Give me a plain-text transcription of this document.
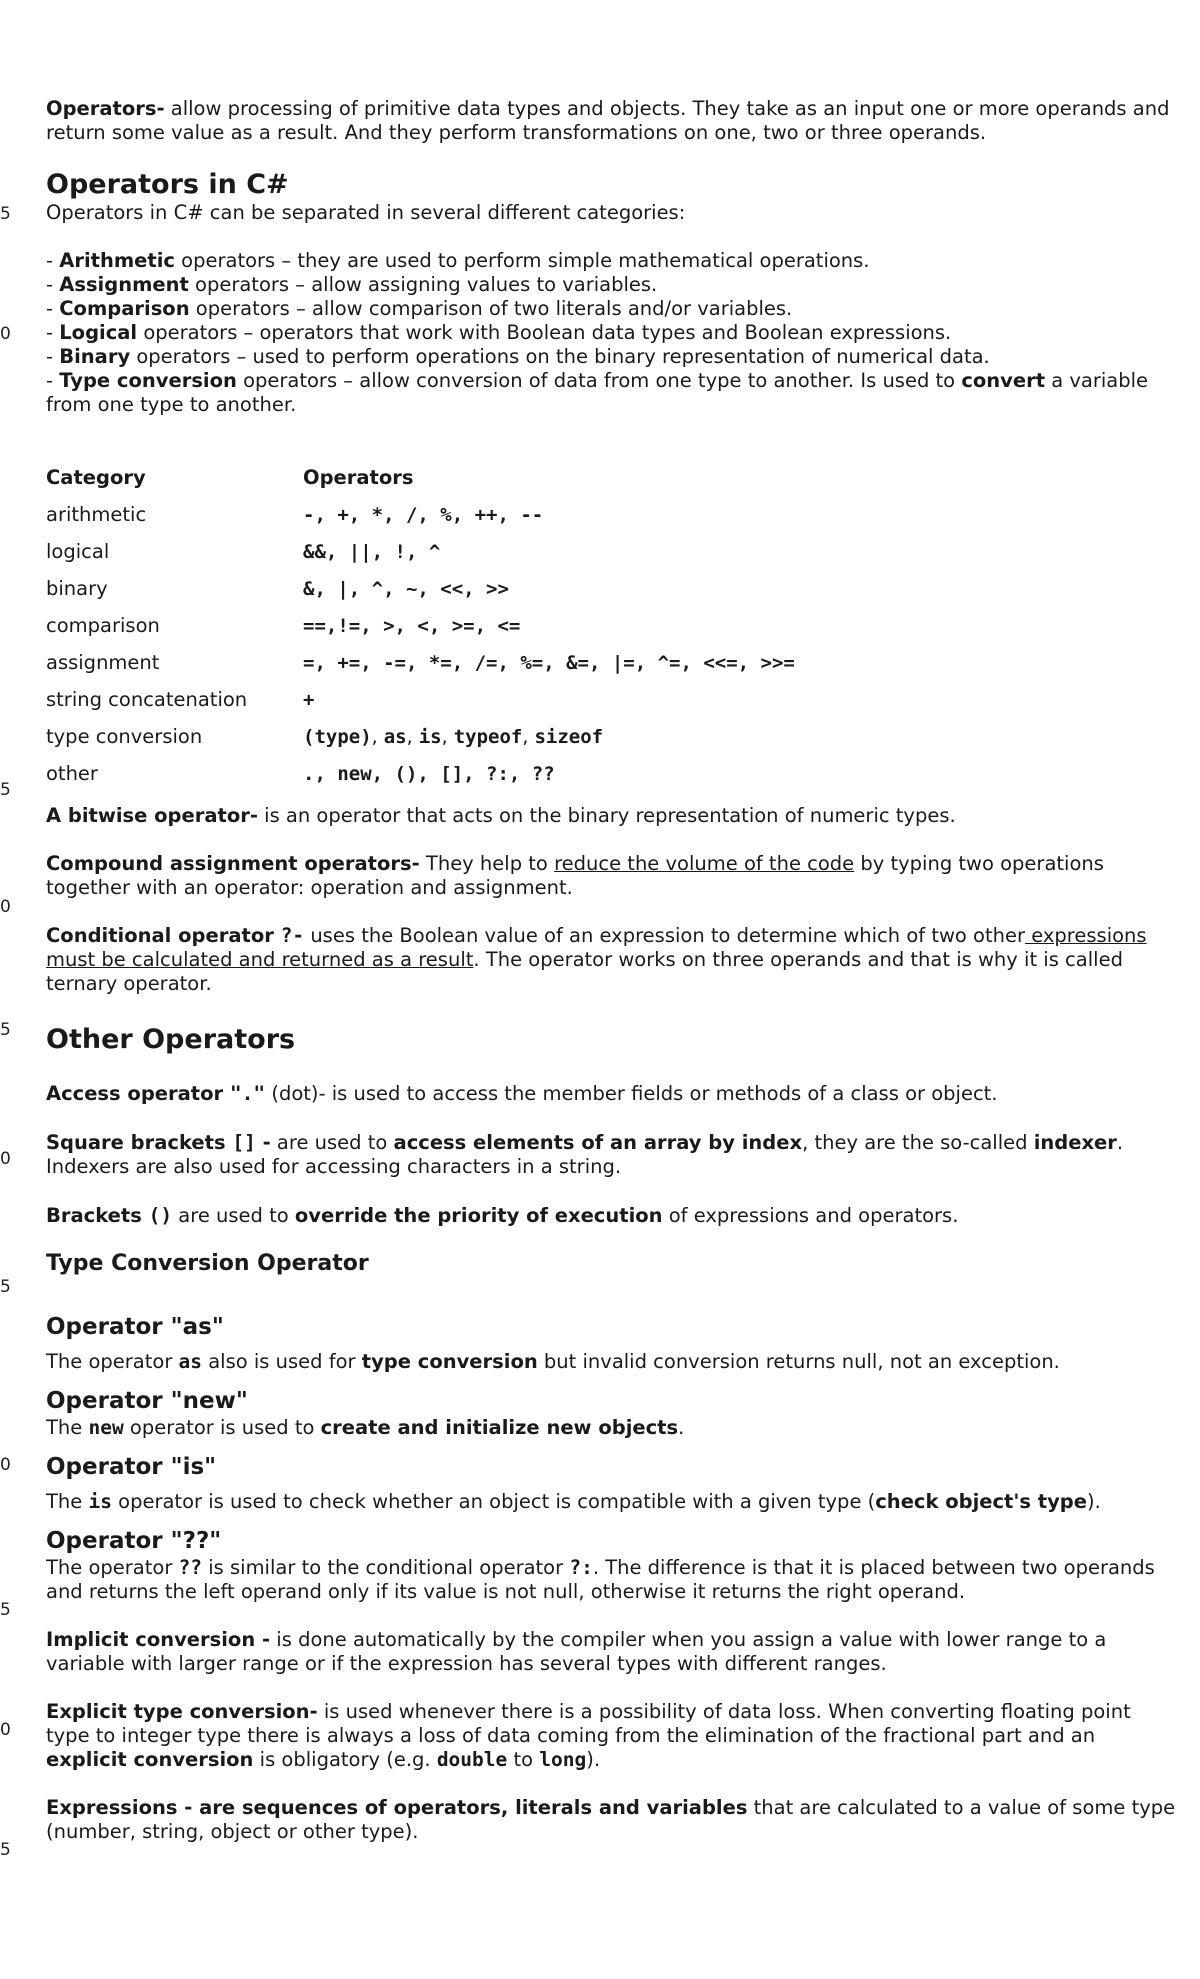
5
0
5
0
5
0
5
0
5
0
5

Operators- allow processing of primitive data types and objects. They take as an input one or more operands and return some value as a result. And they perform transformations on one, two or three operands.

Operators in C#

Operators in C# can be separated in several different categories:

- Arithmetic operators – they are used to perform simple mathematical operations.
- Assignment operators – allow assigning values to variables.
- Comparison operators – allow comparison of two literals and/or variables.
- Logical operators – operators that work with Boolean data types and Boolean expressions.
- Binary operators – used to perform operations on the binary representation of numerical data.
- Type conversion operators – allow conversion of data from one type to another. Is used to convert a variable from one type to another.
Category	Operators
arithmetic	-, +, *, /, %, ++, --
logical	&&, ||, !, ^
binary	&, |, ^, ~, <<, >>
comparison	==,!=, >, <, >=, <=
assignment	=, +=, -=, *=, /=, %=, &=, |=, ^=, <<=, >>=
string concatenation	+
type conversion	(type), as, is, typeof, sizeof
other	., new, (), [], ?:, ??

A bitwise operator- is an operator that acts on the binary representation of numeric types.

Compound assignment operators- They help to reduce the volume of the code by typing two operations together with an operator: operation and assignment.

Conditional operator ?- uses the Boolean value of an expression to determine which of two other expressions must be calculated and returned as a result. The operator works on three operands and that is why it is called ternary operator.

Other Operators

Access operator "." (dot)- is used to access the member fields or methods of a class or object.

Square brackets [] - are used to access elements of an array by index, they are the so-called indexer. Indexers are also used for accessing characters in a string.

Brackets () are used to override the priority of execution of expressions and operators.

Type Conversion Operator
Operator "as"

The operator as also is used for type conversion but invalid conversion returns null, not an exception.

Operator "new"

The new operator is used to create and initialize new objects.

Operator "is"

The is operator is used to check whether an object is compatible with a given type (check object's type).

Operator "??"

The operator ?? is similar to the conditional operator ?:. The difference is that it is placed between two operands and returns the left operand only if its value is not null, otherwise it returns the right operand.

Implicit conversion - is done automatically by the compiler when you assign a value with lower range to a variable with larger range or if the expression has several types with different ranges.

Explicit type conversion- is used whenever there is a possibility of data loss. When converting floating point type to integer type there is always a loss of data coming from the elimination of the fractional part and an explicit conversion is obligatory (e.g. double to long).

Expressions - are sequences of operators, literals and variables that are calculated to a value of some type (number, string, object or other type).
